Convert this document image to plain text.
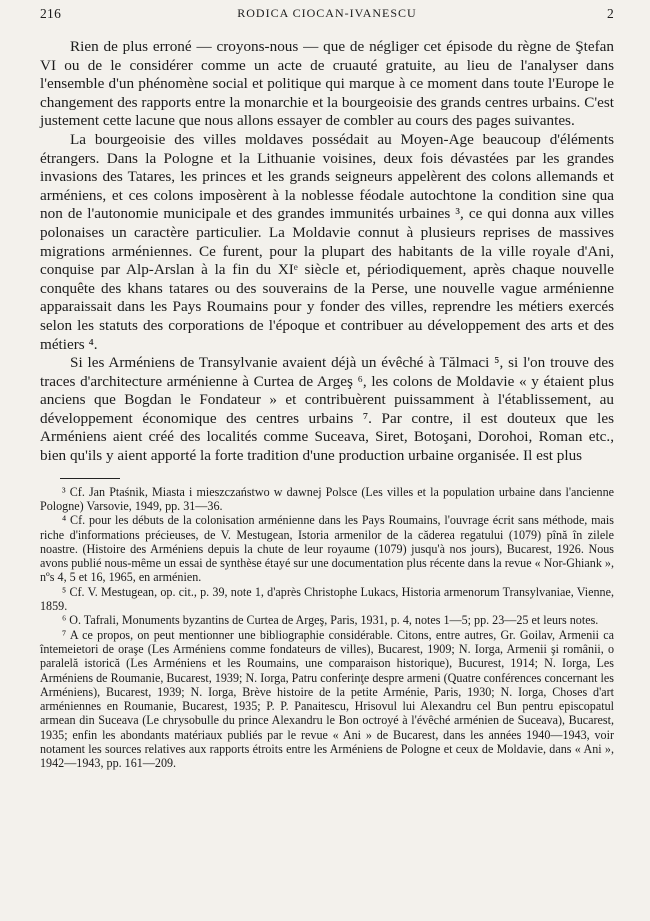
216	RODICA CIOCAN-IVANESCU	2

Rien de plus erroné — croyons-nous — que de négliger cet épisode du règne de Ştefan VI ou de le considérer comme un acte de cruauté gratuite, au lieu de l'analyser dans l'ensemble d'un phénomène social et politique qui marque à ce moment dans toute l'Europe le changement des rapports entre la monarchie et la bourgeoisie des grands centres urbains. C'est justement cette lacune que nous allons essayer de combler au cours des pages suivantes.

La bourgeoisie des villes moldaves possédait au Moyen-Age beaucoup d'éléments étrangers. Dans la Pologne et la Lithuanie voisines, deux fois dévastées par les grandes invasions des Tatares, les princes et les grands seigneurs appelèrent des colons allemands et arméniens, et ces colons imposèrent à la noblesse féodale autochtone la condition sine qua non de l'autonomie municipale et des grandes immunités urbaines ³, ce qui donna aux villes polonaises un caractère particulier. La Moldavie connut à plusieurs reprises de massives migrations arméniennes. Ce furent, pour la plupart des habitants de la ville royale d'Ani, conquise par Alp-Arslan à la fin du XIᵉ siècle et, périodiquement, après chaque nouvelle conquête des khans tatares ou des souverains de la Perse, une nouvelle vague arménienne apparaissait dans les Pays Roumains pour y fonder des villes, reprendre les métiers exercés selon les statuts des corporations de l'époque et contribuer au développement des arts et des métiers ⁴.

Si les Arméniens de Transylvanie avaient déjà un évêché à Tălmaci ⁵, si l'on trouve des traces d'architecture arménienne à Curtea de Argeş ⁶, les colons de Moldavie « y étaient plus anciens que Bogdan le Fondateur » et contribuèrent puissamment à l'établissement, au développement économique des centres urbains ⁷. Par contre, il est douteux que les Arméniens aient créé des localités comme Suceava, Siret, Botoşani, Dorohoi, Roman etc., bien qu'ils y aient apporté la forte tradition d'une production urbaine organisée. Il est plus

³ Cf. Jan Ptaśnik, Miasta i mieszczaństwo w dawnej Polsce (Les villes et la population urbaine dans l'ancienne Pologne) Varsovie, 1949, pp. 31—36.

⁴ Cf. pour les débuts de la colonisation arménienne dans les Pays Roumains, l'ouvrage écrit sans méthode, mais riche d'informations précieuses, de V. Mestugean, Istoria armenilor de la căderea regatului (1079) pînă în zilele noastre. (Histoire des Arméniens depuis la chute de leur royaume (1079) jusqu'à nos jours), Bucarest, 1926. Nous avons publié nous-même un essai de synthèse étayé sur une documentation plus récente dans la revue « Nor-Ghiank », nºs 4, 5 et 16, 1965, en arménien.

⁵ Cf. V. Mestugean, op. cit., p. 39, note 1, d'après Christophe Lukacs, Historia armenorum Transylvaniae, Vienne, 1859.

⁶ O. Tafrali, Monuments byzantins de Curtea de Argeş, Paris, 1931, p. 4, notes 1—5; pp. 23—25 et leurs notes.

⁷ A ce propos, on peut mentionner une bibliographie considérable. Citons, entre autres, Gr. Goilav, Armenii ca întemeietori de oraşe (Les Arméniens comme fondateurs de villes), Bucarest, 1909; N. Iorga, Armenii şi românii, o paralelă istorică (Les Arméniens et les Roumains, une comparaison historique), Bucurest, 1914; N. Iorga, Les Arméniens de Roumanie, Bucarest, 1939; N. Iorga, Patru conferinţe despre armeni (Quatre conférences concernant les Arméniens), Bucarest, 1939; N. Iorga, Brève histoire de la petite Arménie, Paris, 1930; N. Iorga, Choses d'art arméniennes en Roumanie, Bucarest, 1935; P. P. Panaitescu, Hrisovul lui Alexandru cel Bun pentru episcopatul armean din Suceava (Le chrysobulle du prince Alexandru le Bon octroyé à l'évêché arménien de Suceava), Bucarest, 1935; enfin les abondants matériaux publiés par le revue « Ani » de Bucarest, dans les années 1940—1943, voir notament les sources relatives aux rapports étroits entre les Arméniens de Pologne et ceux de Moldavie, dans « Ani », 1942—1943, pp. 161—209.
